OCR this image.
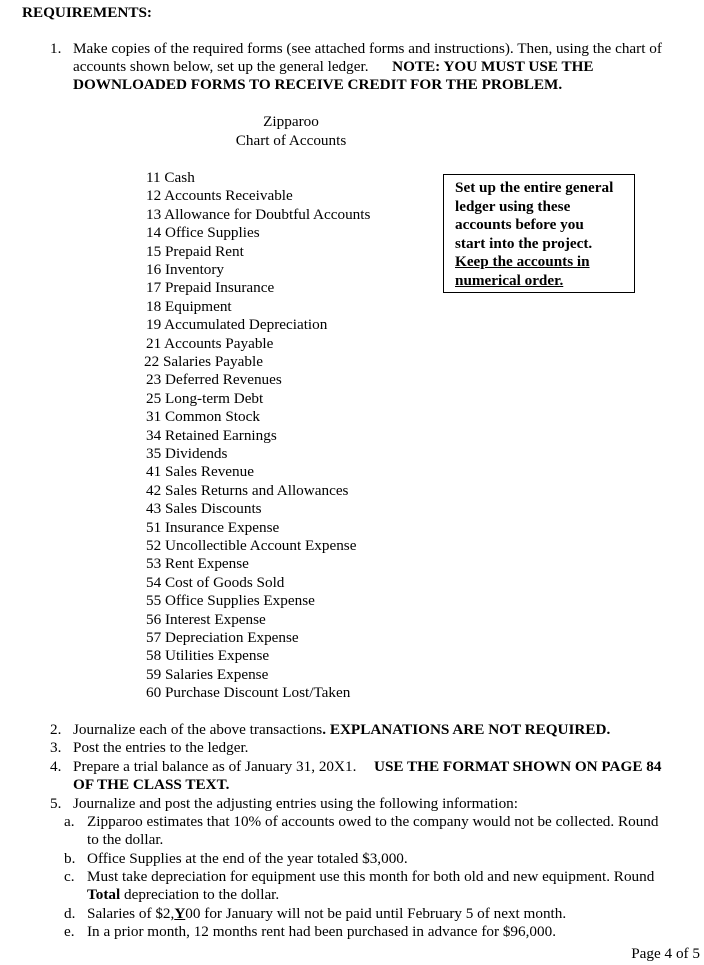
REQUIREMENTS:
1. Make copies of the required forms (see attached forms and instructions). Then, using the chart of
accounts shown below, set up the general ledger. NOTE: YOU MUST USE THE
DOWNLOADED FORMS TO RECEIVE CREDIT FOR THE PROBLEM.
Zipparoo
Chart of Accounts
11 Cash
12 Accounts Receivable
13 Allowance for Doubtful Accounts
14 Office Supplies
15 Prepaid Rent
16 Inventory
17 Prepaid Insurance
18 Equipment
19 Accumulated Depreciation
21 Accounts Payable
22 Salaries Payable
23 Deferred Revenues
25 Long-term Debt
31 Common Stock
34 Retained Earnings
35 Dividends
41 Sales Revenue
42 Sales Returns and Allowances
43 Sales Discounts
51 Insurance Expense
52 Uncollectible Account Expense
53 Rent Expense
54 Cost of Goods Sold
55 Office Supplies Expense
56 Interest Expense
57 Depreciation Expense
58 Utilities Expense
59 Salaries Expense
60 Purchase Discount Lost/Taken
Set up the entire general
ledger using these
accounts before you
start into the project.
Keep the accounts in
numerical order.
2. Journalize each of the above transactions. EXPLANATIONS ARE NOT REQUIRED.
3. Post the entries to the ledger.
4. Prepare a trial balance as of January 31, 20X1. USE THE FORMAT SHOWN ON PAGE 84
OF THE CLASS TEXT.
5. Journalize and post the adjusting entries using the following information:
a. Zipparoo estimates that 10% of accounts owed to the company would not be collected. Round
to the dollar.
b. Office Supplies at the end of the year totaled $3,000.
c. Must take depreciation for equipment use this month for both old and new equipment. Round
Total depreciation to the dollar.
d. Salaries of $2,Y00 for January will not be paid until February 5 of next month.
e. In a prior month, 12 months rent had been purchased in advance for $96,000.
Page 4 of 5
